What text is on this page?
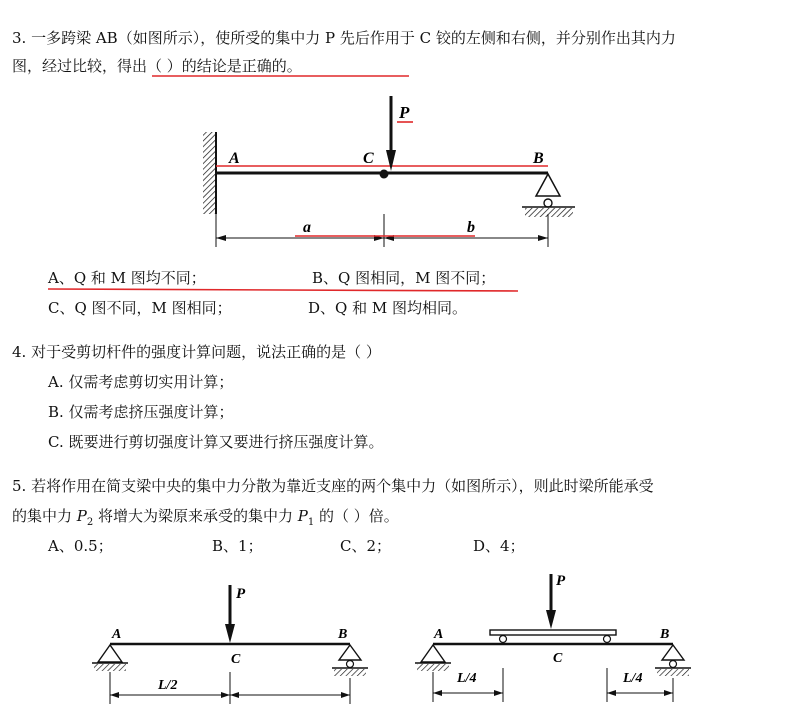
3. 一多跨梁 AB（如图所示），使所受的集中力 P 先后作用于 C 铰的左侧和右侧，并分别作出其内力
图，经过比较，得出（ ）的结论是正确的。
P
A	C	B
a	b
A、Q 和 M 图均不同；	B、Q 图相同，M 图不同；
C、Q 图不同，M 图相同；	D、Q 和 M 图均相同。
4. 对于受剪切杆件的强度计算问题，说法正确的是（ ）
A. 仅需考虑剪切实用计算；
B. 仅需考虑挤压强度计算；
C. 既要进行剪切强度计算又要进行挤压强度计算。
5. 若将作用在简支梁中央的集中力分散为靠近支座的两个集中力（如图所示），则此时梁所能承受
的集中力 $P_2$ 将增大为梁原来承受的集中力 $P_1$ 的（ ）倍。
A、0.5；	B、1；	C、2；	D、4；
P
A	B
C
L/2
P
A	B
C
L/4	L/4
